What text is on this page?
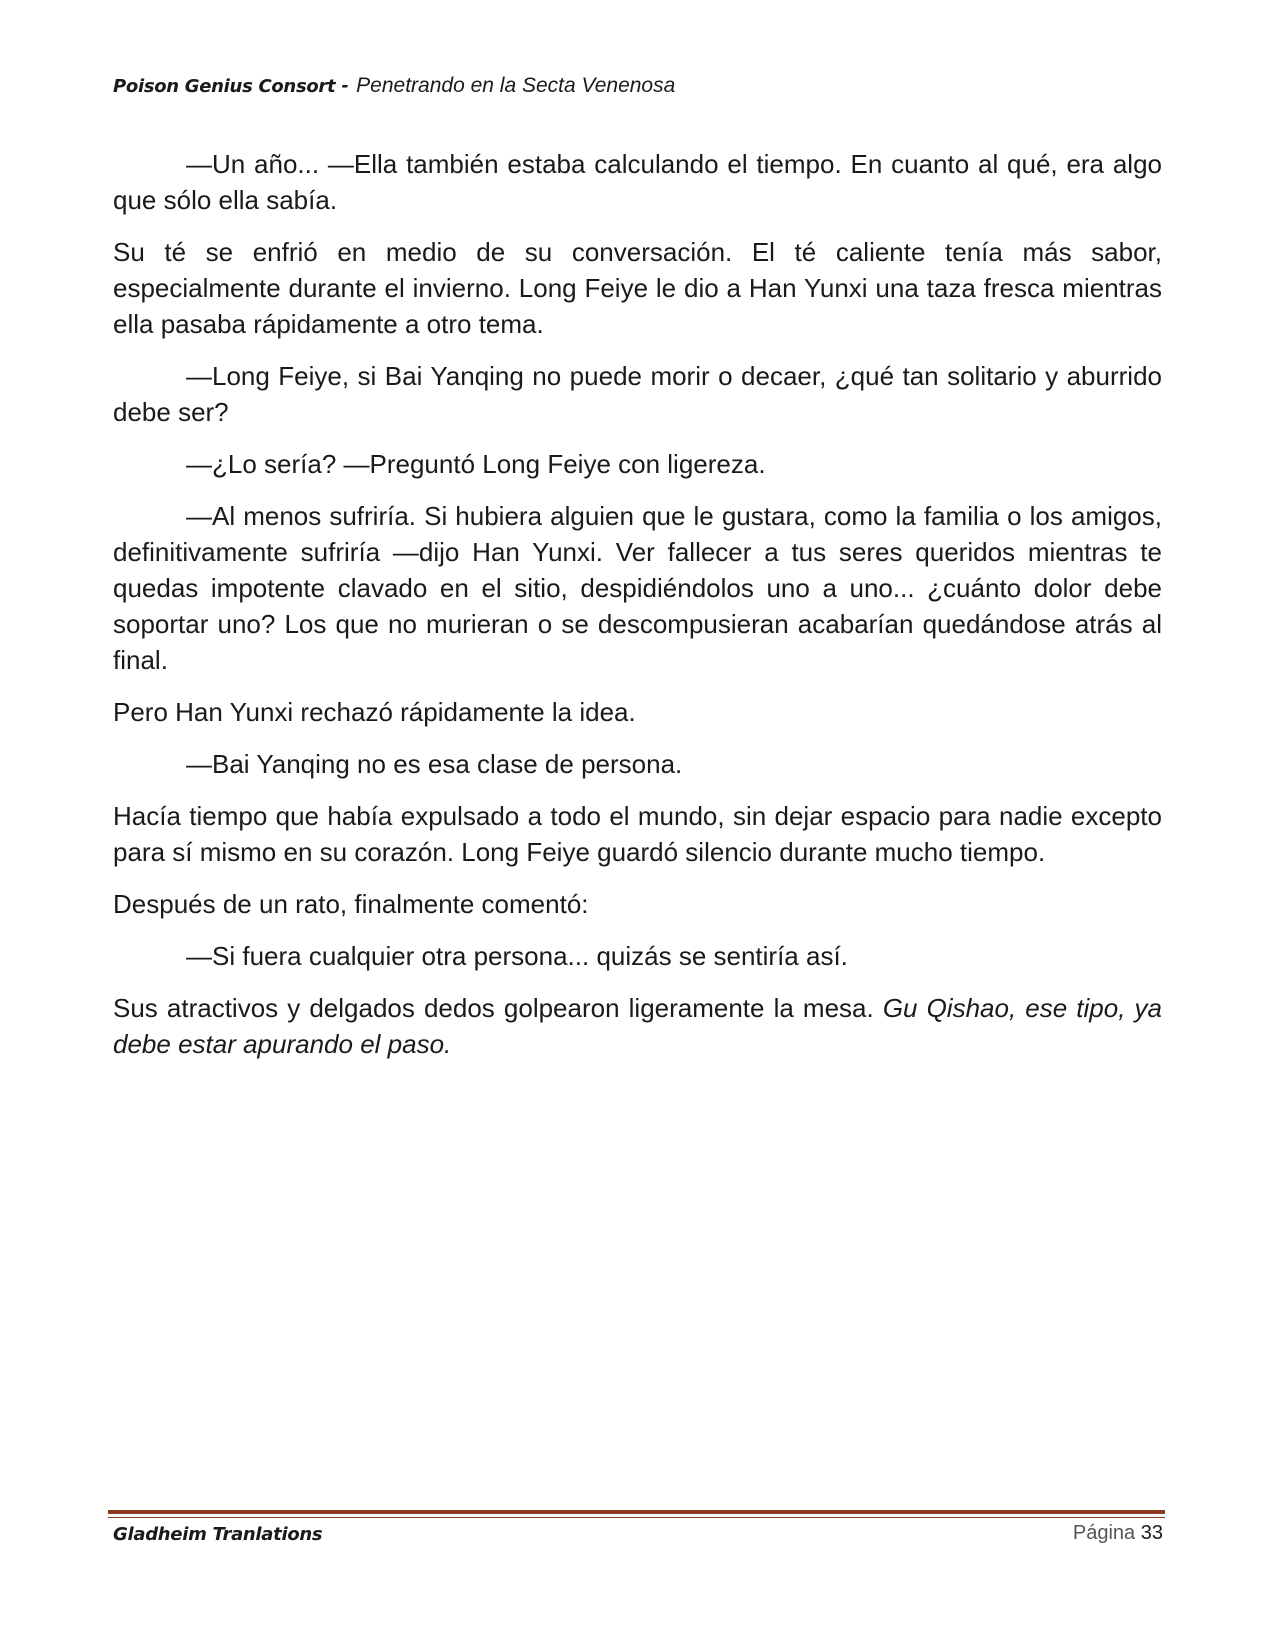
Poison Genius Consort - Penetrando en la Secta Venenosa

—Un año... —Ella también estaba calculando el tiempo. En cuanto al qué, era algo que sólo ella sabía.

Su té se enfrió en medio de su conversación. El té caliente tenía más sabor, especialmente durante el invierno. Long Feiye le dio a Han Yunxi una taza fresca mientras ella pasaba rápidamente a otro tema.

—Long Feiye, si Bai Yanqing no puede morir o decaer, ¿qué tan solitario y aburrido debe ser?

—¿Lo sería? —Preguntó Long Feiye con ligereza.

—Al menos sufriría. Si hubiera alguien que le gustara, como la familia o los amigos, definitivamente sufriría —dijo Han Yunxi. Ver fallecer a tus seres queridos mientras te quedas impotente clavado en el sitio, despidiéndolos uno a uno... ¿cuánto dolor debe soportar uno? Los que no murieran o se descompusieran acabarían quedándose atrás al final.

Pero Han Yunxi rechazó rápidamente la idea.

—Bai Yanqing no es esa clase de persona.

Hacía tiempo que había expulsado a todo el mundo, sin dejar espacio para nadie excepto para sí mismo en su corazón. Long Feiye guardó silencio durante mucho tiempo.

Después de un rato, finalmente comentó:

—Si fuera cualquier otra persona... quizás se sentiría así.

Sus atractivos y delgados dedos golpearon ligeramente la mesa. Gu Qishao, ese tipo, ya debe estar apurando el paso.

Gladheim Tranlations	Página 33
